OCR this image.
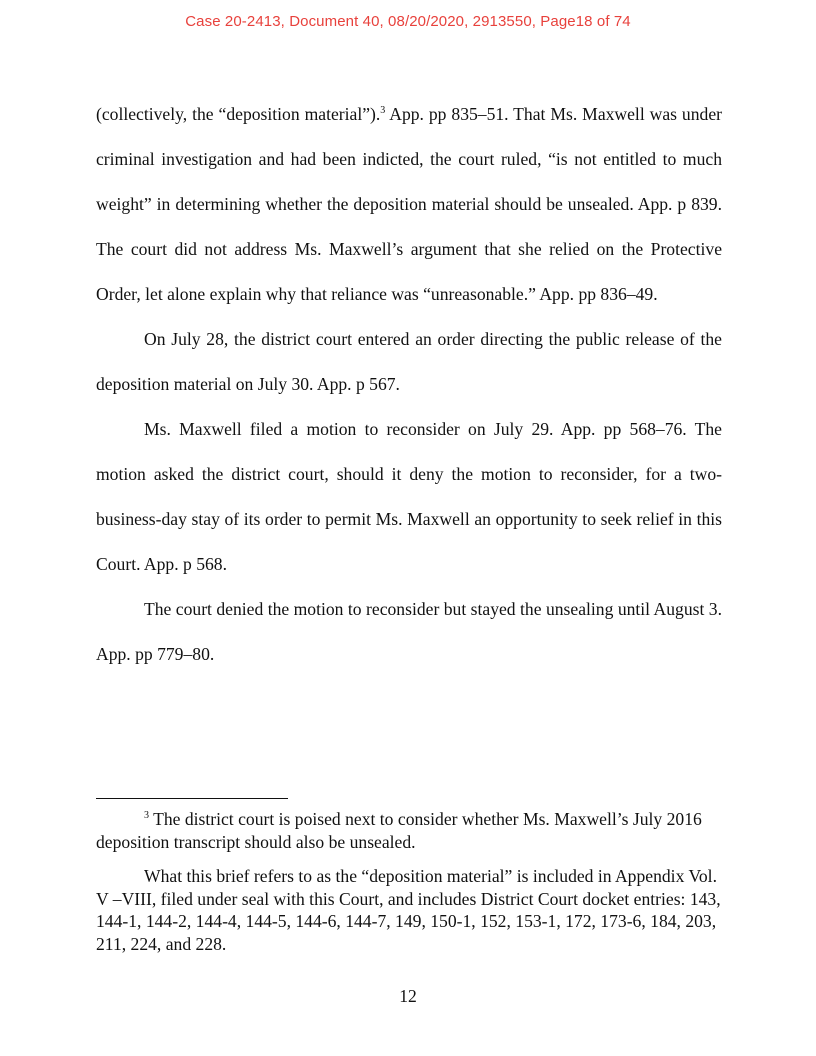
Case 20-2413, Document 40, 08/20/2020, 2913550, Page18 of 74

(collectively, the “deposition material”).$^3$ App. pp 835–51. That Ms. Maxwell was under criminal investigation and had been indicted, the court ruled, “is not entitled to much weight” in determining whether the deposition material should be unsealed. App. p 839. The court did not address Ms. Maxwell’s argument that she relied on the Protective Order, let alone explain why that reliance was “unreasonable.” App. pp 836–49.

On July 28, the district court entered an order directing the public release of the deposition material on July 30. App. p 567.

Ms. Maxwell filed a motion to reconsider on July 29. App. pp 568–76. The motion asked the district court, should it deny the motion to reconsider, for a two-business-day stay of its order to permit Ms. Maxwell an opportunity to seek relief in this Court. App. p 568.

The court denied the motion to reconsider but stayed the unsealing until August 3. App. pp 779–80.

$^3$ The district court is poised next to consider whether Ms. Maxwell’s July 2016 deposition transcript should also be unsealed.

What this brief refers to as the “deposition material” is included in Appendix Vol. V –VIII, filed under seal with this Court, and includes District Court docket entries: 143, 144-1, 144-2, 144-4, 144-5, 144-6, 144-7, 149, 150-1, 152, 153-1, 172, 173-6, 184, 203, 211, 224, and 228.

12
